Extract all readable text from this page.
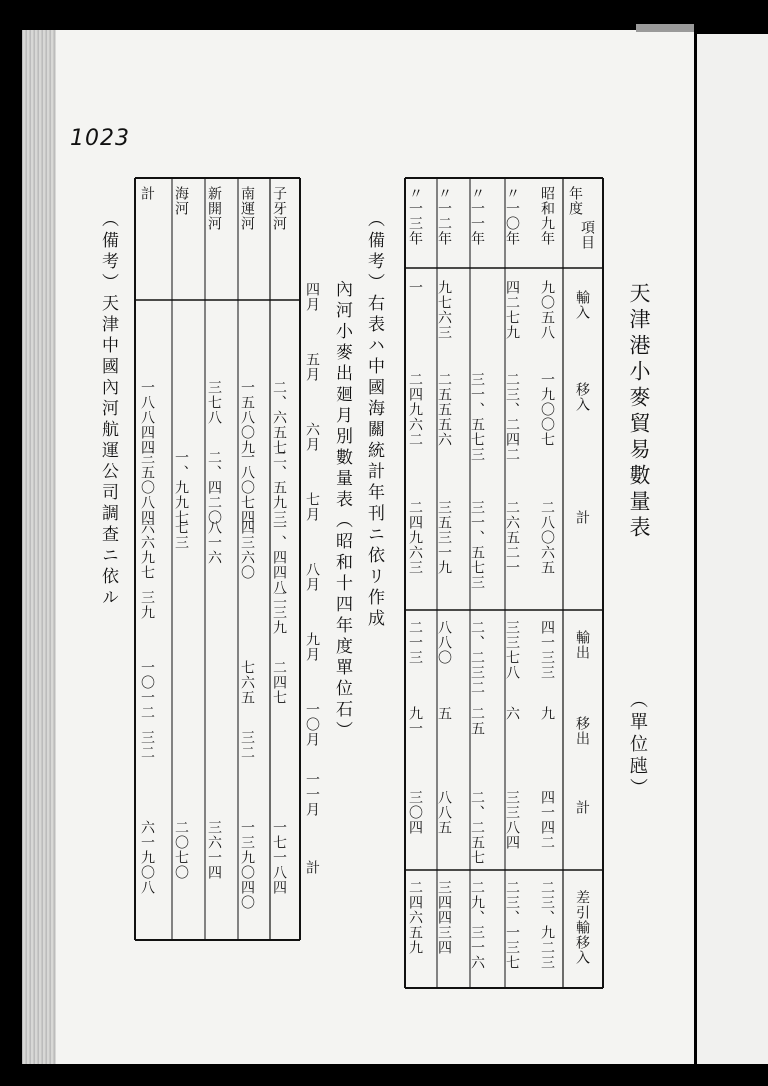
1023
天津港小麥貿易數量表
（單位瓲）
（備考）右表ハ中國海關統計年刊ニ依リ作成
內河小麥出廻月別數量表（昭和十四年度單位石）
（備考）天津中國內河航運公司調查ニ依ル	項目
年度
輸入
移入
計
輸出
移出
計
差引輸移入
昭和九年
九〇五八
一九〇〇七
二八〇六五
四一三三
九
四一四二
二三、九二三
〃一〇年
四二七九
二三、二四二
二六五二一
三三七八
六
三三八四
二三、一三七
〃一一年
三一、五七三
三一、五七三
二、二三二
二五
二、二五七
二九、三一六
〃一二年
九七六三
二五五五六
三五三一九
八八〇
五
八八五
三四四三四
〃一三年
一
二四九六二
二四九六三
二一三
九一
三〇四
二四六五九
四月
五月
六月
七月
八月
九月
一〇月
一一月
計
子牙河
二、六五七
二、五九三
一、四四八
二三九
二四七
一七一八四
南運河
一五八〇九
一八〇七四
四三六〇
七六五
三二
一三九〇四〇
新開河
三七八
二、四二〇
八一六
三六一四
海河
一、九九七
七三
二〇七〇
計
一八八四四
三五〇八四
六六九七
三九
一〇一二
三二
六一九〇八
